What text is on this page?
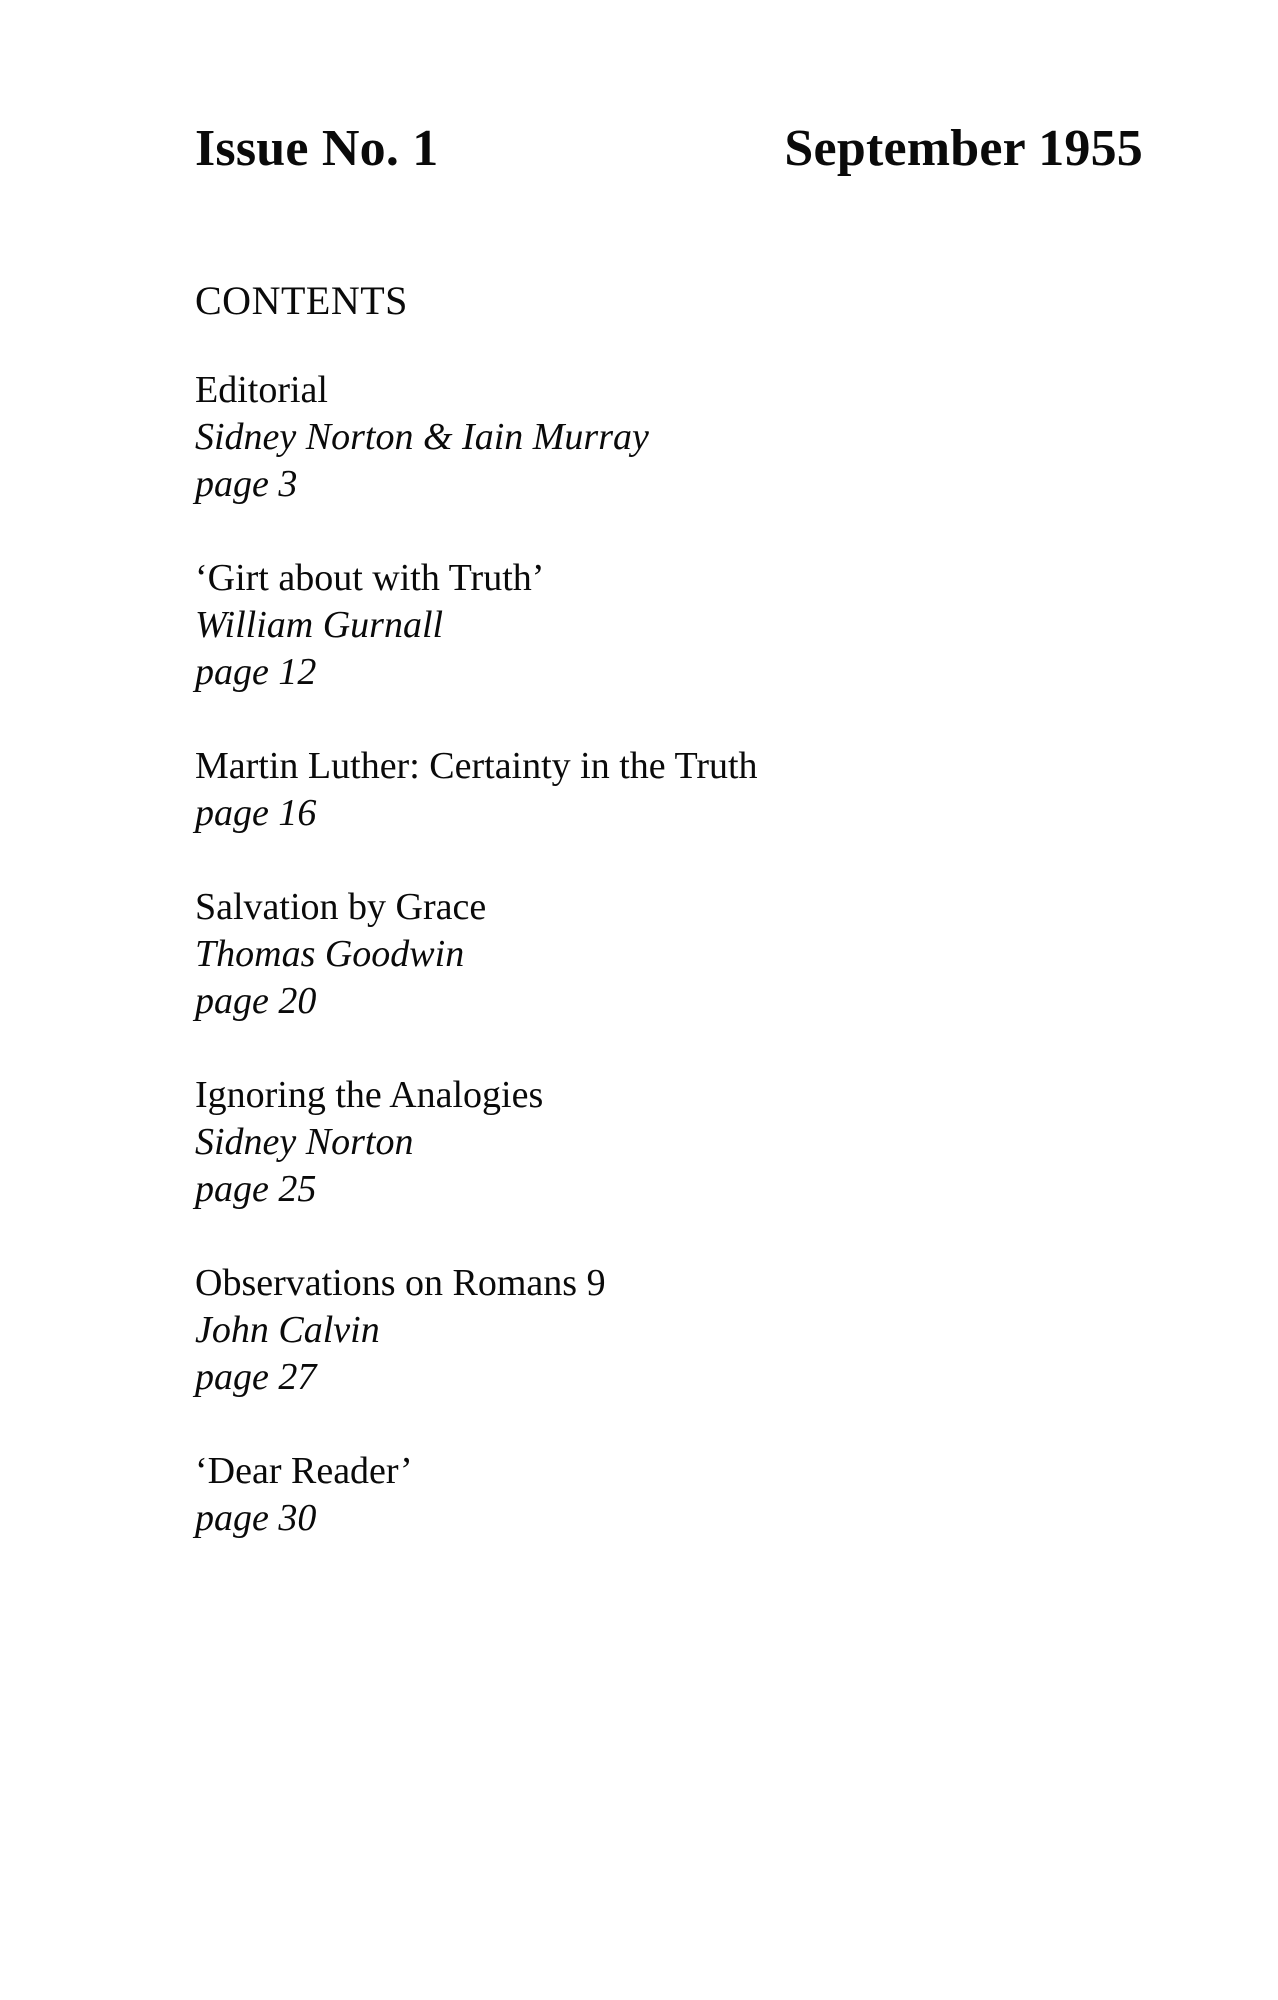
Issue No. 1	September 1955
CONTENTS
Editorial
Sidney Norton & Iain Murray
page 3
‘Girt about with Truth’
William Gurnall
page 12
Martin Luther: Certainty in the Truth
page 16
Salvation by Grace
Thomas Goodwin
page 20
Ignoring the Analogies
Sidney Norton
page 25
Observations on Romans 9
John Calvin
page 27
‘Dear Reader’
page 30
